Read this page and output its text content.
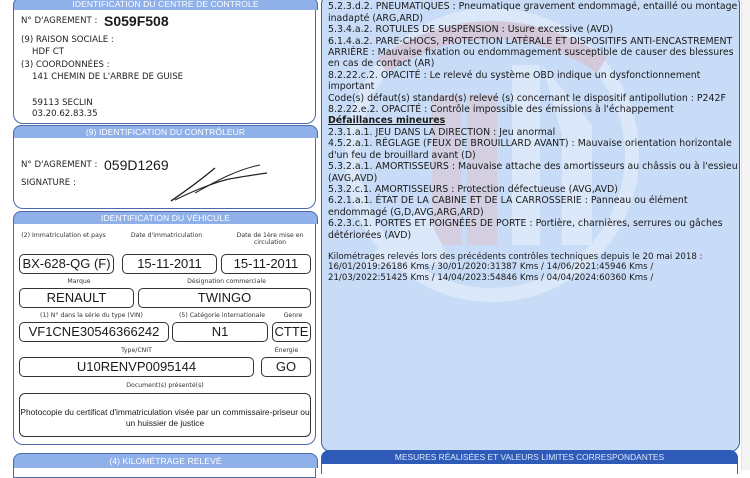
IDENTIFICATION DU CENTRE DE CONTROLE
N° D'AGREMENT : S059F508
(9) RAISON SOCIALE :
HDF CT
(3) COORDONNÉES :
141 CHEMIN DE L'ARBRE DE GUISE
59113 SECLIN
03.20.62.83.35
(9) IDENTIFICATION DU CONTRÔLEUR
N° D'AGREMENT : 059D1269
SIGNATURE :
IDENTIFICATION DU VÉHICULE
(2) Immatriculation et pays	Date d'immatriculation	Date de 1ère mise en circulation
BX-628-QG (F)	15-11-2011	15-11-2011
Marque	Désignation commerciale
RENAULT	TWINGO
(1) N° dans la série du type (VIN)	(5) Catégorie internationale	Genre
VF1CNE30546366242	N1	CTTE
Type/CNIT	Énergie
U10RENVP0095144	GO
Document(s) présenté(s)
Photocopie du certificat d'immatriculation visée par un commissaire-priseur ou un huissier de justice
(4) KILOMÉTRAGE RELEVÉ
5.2.3.d.2. PNEUMATIQUES : Pneumatique gravement endommagé, entaillé ou montage inadapté (ARG,ARD)
5.3.4.a.2. ROTULES DE SUSPENSION : Usure excessive (AVD)
6.1.4.a.2. PARE-CHOCS, PROTECTION LATÉRALE ET DISPOSITIFS ANTI-ENCASTREMENT ARRIÈRE : Mauvaise fixation ou endommagement susceptible de causer des blessures en cas de contact (AR)
8.2.22.c.2. OPACITÉ : Le relevé du système OBD indique un dysfonctionnement important
Code(s) défaut(s) standard(s) relevé (s) concernant le dispositif antipollution : P242F
8.2.22.e.2. OPACITÉ : Contrôle impossible des émissions à l'échappement
Défaillances mineures
2.3.1.a.1. JEU DANS LA DIRECTION : Jeu anormal
4.5.2.a.1. RÉGLAGE (FEUX DE BROUILLARD AVANT) : Mauvaise orientation horizontale d'un feu de brouillard avant (D)
5.3.2.a.1. AMORTISSEURS : Mauvaise attache des amortisseurs au châssis ou à l'essieu (AVG,AVD)
5.3.2.c.1. AMORTISSEURS : Protection défectueuse (AVG,AVD)
6.2.1.a.1. ÉTAT DE LA CABINE ET DE LA CARROSSERIE : Panneau ou élément endommagé (G,D,AVG,ARG,ARD)
6.2.3.c.1. PORTES ET POIGNÉES DE PORTE : Portière, charnières, serrures ou gâches détériorées (AVD)
Kilométrages relevés lors des précédents contrôles techniques depuis le 20 mai 2018 :
16/01/2019:26186 Kms / 30/01/2020:31387 Kms / 14/06/2021:45946 Kms /
21/03/2022:51425 Kms / 14/04/2023:54846 Kms / 04/04/2024:60360 Kms /
MESURES RÉALISÉES ET VALEURS LIMITES CORRESPONDANTES
